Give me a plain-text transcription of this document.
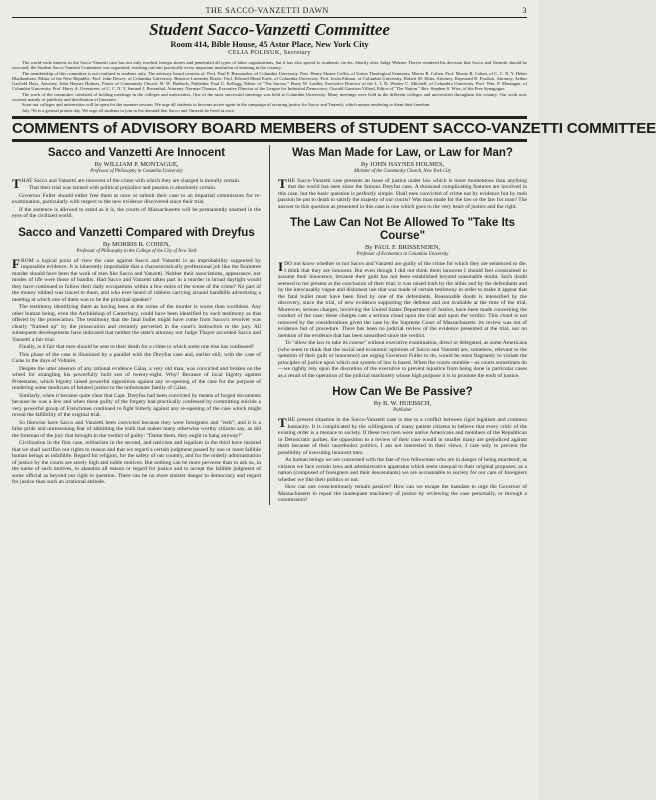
THE SACCO-VANZETTI DAWN	3
Student Sacco-Vanzetti Committee
Room 414, Bible House, 45 Astor Place, New York City
CELIA POLISUK, Secretary

The world-wide interest in the Sacco-Vanzetti case has not only reached foreign shores and penetrated all types of labor organizations, but it has also spread to academic circles. Shortly after Judge Webster Thayer rendered his decision that Sacco and Vanzetti should be executed, the Student Sacco-Vanzetti Committee was organized, reaching out into practically every important institution of learning in the country.

The membership of this committee is not confined to students only. The advisory board consists of: Prof. Paul F. Brissenden, of Columbia University. Pres. Henry Sloane Coffin, of Union Theological Seminary. Morris R. Cohen, Prof. Morris R. Cohen, of C. C. N. Y. Heber Blankenhorn, Editor of the New Republic. Prof. John Dewey, of Columbia University. Beatrice Lavender Eberle, Prof. Edward Mead Earle, of Columbia University. Prof. Irwin Edman, of Columbia University. Robert M. Elder, Attorney, Raymond B. Fosdick, Attorney, Arthur Garfield Hays, Attorney, John Haynes Holmes, Pastor of Community Church. B. W. Huebsch, Publisher. Paul U. Kellogg, Editor of "The Survey." Harry W. Laidler, Executive Director of the L. I. D. Wesley C. Mitchell, of Columbia University. Prof. Wm. P. Montague, of Columbia University. Prof. Harry A. Overstreet, of C. C. N. Y. Samuel J. Rosenthal, Attorney. Norman Thomas, Executive Director of the League for Industrial Democracy. Oswald Garrison Villard, Editor of "The Nation." Rev. Stephen S. Wise, of the Free Synagogue.

The work of the committee consisted of holding meetings in the colleges and universities. One of the most successful meetings was held at Columbia University. Many meetings were held in the different colleges and universities throughout the country. Our work now consists mainly of publicity and distribution of literature.

Soon our colleges and universities will be open for the summer session. We urge all students to become active again in the campaign of securing justice for Sacco and Vanzetti, which means rendering to them their freedom.

July 7th is a general protest day. We urge all students to join in the demand that Sacco and Vanzetti be freed at once.

COMMENTS of ADVISORY BOARD MEMBERS of STUDENT SACCO-VANZETTI COMMITTEE
Sacco and Vanzetti Are Innocent
By WILLIAM P. MONTAGUE,
Professor of Philosophy in Columbia University

THAT Sacco and Vanzetti are innocent of the crime with which they are charged is morally certain.

That their trial was tainted with political prejudice and passion is absolutely certain.

Governor Fuller should either free them at once or submit their case to an impartial commission for re-examination, particularly with respect to the new evidence discovered since their trial.

If the sentence is allowed to stand as it is, the courts of Massachusetts will be permanently shamed in the eyes of the civilized world.

Sacco and Vanzetti Compared with Dreyfus
By MORRIS R. COHEN,
Professor of Philosophy in the College of the City of New York

FROM a logical point of view the case against Sacco and Vanzetti is an improbability supported by impossible evidence. It is inherently improbable that a characteristically professional job like the Braintree murder should have been the work of men like Sacco and Vanzetti. Neither their associations, appearance, nor modes of life were those of bandits. Had Sacco and Vanzetti taken part in a murder in broad daylight would they have continued to follow their daily occupations within a few miles of the scene of the crime? No part of the money robbed was traced to them, and who ever heard of robbers carrying around handbills advertising a meeting at which one of them was to be the principal speaker?

The testimony identifying them as having been at the scene of the murder is worse than worthless. Any other human being, even the Archbishop of Canterbury, could have been identified by such testimony as that offered by the prosecution. The testimony that the fatal bullet might have come from Sacco's revolver was clearly "framed up" by the prosecution and certainly perverted in the court's instruction to the jury. All subsequent developments have indicated that neither the state's attorney nor Judge Thayer accorded Sacco and Vanzetti a fair trial.

Finally, is it fair that men should be sent to their death for a crime to which some one else has confessed?

This phase of the case is illumined by a parallel with the Dreyfus case and, earlier still, with the case of Calas in the days of Voltaire.

Despite the utter absence of any rational evidence Calas, a very old man, was convicted and broken on the wheel for strangling his powerfully built son of twenty-eight. Why? Because of local bigotry against Protestants, which bigotry raised powerful opposition against any re-opening of the case for the purpose of rendering some modicum of belated justice to the unfortunate family of Calas.

Similarly, when it became quite clear that Capt. Dreyfus had been convicted by means of forged documents because he was a Jew and when these guilty of the forgery had practically confessed by committing suicide a very powerful group of Frenchmen continued to fight bitterly against any re-opening of the case which might reveal the fallibility of the original trial.

So likewise have Sacco and Vanzetti been convicted because they were foreigners and "reds"; and it is a false pride and unreasoning fear of admitting the truth that makes many otherwise worthy citizens say, as did the foreman of the jury that brought in the verdict of guilty: "Damn them, they ought to hang anyway!"

Civilization in the first case, militarism in the second, and nativism and legalism in the third have insisted that we shall sacrifice our rights to reason and that we regard a certain judgment passed by one or more fallible human beings as infallible. Regard for religion, for the safety of our country, and for the orderly administration of justice by the courts are surely high and noble motives. But nothing can be more perverse than to ask us, in the name of such motives, to abandon all reason or regard for justice and to accept the fallible judgment of some official as beyond our right to question. There can be no more sinister danger to democracy and regard for justice than such an irrational attitude.

Was Man Made for Law, or Law for Man?
By JOHN HAYNES HOLMES,
Minister of the Community Church, New York City

THE Sacco-Vanzetti case presents an issue of justice under law which is more momentous than anything that the world has seen since the famous Dreyfus case. A thousand complicating features are involved in this case, but the basic question is perfectly simple. Shall men convicted of crime not by evidence but by mob passion be put to death to satisfy the majesty of our courts? Was man made for the law or the law for man? The answer to this question as presented in this case is one which goes to the very heart of justice and the right.

The Law Can Not Be Allowed To "Take Its Course"
By PAUL F. BRISSENDEN,
Professor of Economics in Columbia University

IDO not know whether or not Sacco and Vanzetti are guilty of the crime for which they are sentenced to die. I think that they are innocent. But even though I did not think them innocent I should feel constrained to assume their innocence, because their guilt has not been established beyond reasonable doubt. Such doubt seemed to me present at the conclusion of their trial; it was raised both by the alibis and by the defendants and by the inexcusably vague and dishonest use that was made of certain testimony in order to make it appear that the fatal bullet must have been fired by one of the defendants. Reasonable doubt is intensified by the discovery, since the trial, of new evidence supporting the defense and not available at the time of the trial. Moreover, serious charges, involving the United States Department of Justice, have been made concerning the conduct of the case; these charges cast a serious cloud upon the trial and upon the verdict. This cloud is not removed by the considerations given the case by the Supreme Court of Massachusetts: its review was not of evidence but of procedure. There has been no judicial review of the evidence presented at the trial, nor no mention of the evidence that has been unearthed since the verdict.

To "allow the law to take its course" without executive examination, direct or delegated, as some Americans (who seem to think that the social and economic opinions of Sacco and Vanzetti are, somehow, relevant to the question of their guilt or innocence) are urging Governor Fuller to do, would be most flagrantly to violate the principles of justice upon which our system of law is based. When the courts stumble—as courts sometimes do—we rightly rely upon the discretion of the executive to prevent injustice from being done in particular cases as a result of the operation of the judicial machinery whose high purpose it is to promote the ends of justice.

How Can We Be Passive?
By B. W. HUEBSCH,
Publisher

THE present situation in the Sacco-Vanzetti case is due to a conflict between rigid legalism and common humanity. It is complicated by the willingness of many patient citizens to believe that every critic of the existing order is a menace to society. If these two men were native Americans and members of the Republican or Democratic parties, the opposition to a review of their case would in smaller many are prejudiced against them because of their unorthodox politics. I am not interested in their views; I care only to prevent the possibility of executing innocent men.

As human beings we are concerned with the fate of two fellowmen who are in danger of being murdered; as citizens we face certain laws and administrative apparatus which seem unequal to their original purposes; as a nation (composed of foreigners and their descendants) we are accountable to society for our care of foreigners whether we like their politics or not.

How can one conscientiously remain passive? How can we escape the mandate to urge the Governor of Massachusetts to repair the inadequate machinery of justice by reviewing the case personally, or through a commission?
